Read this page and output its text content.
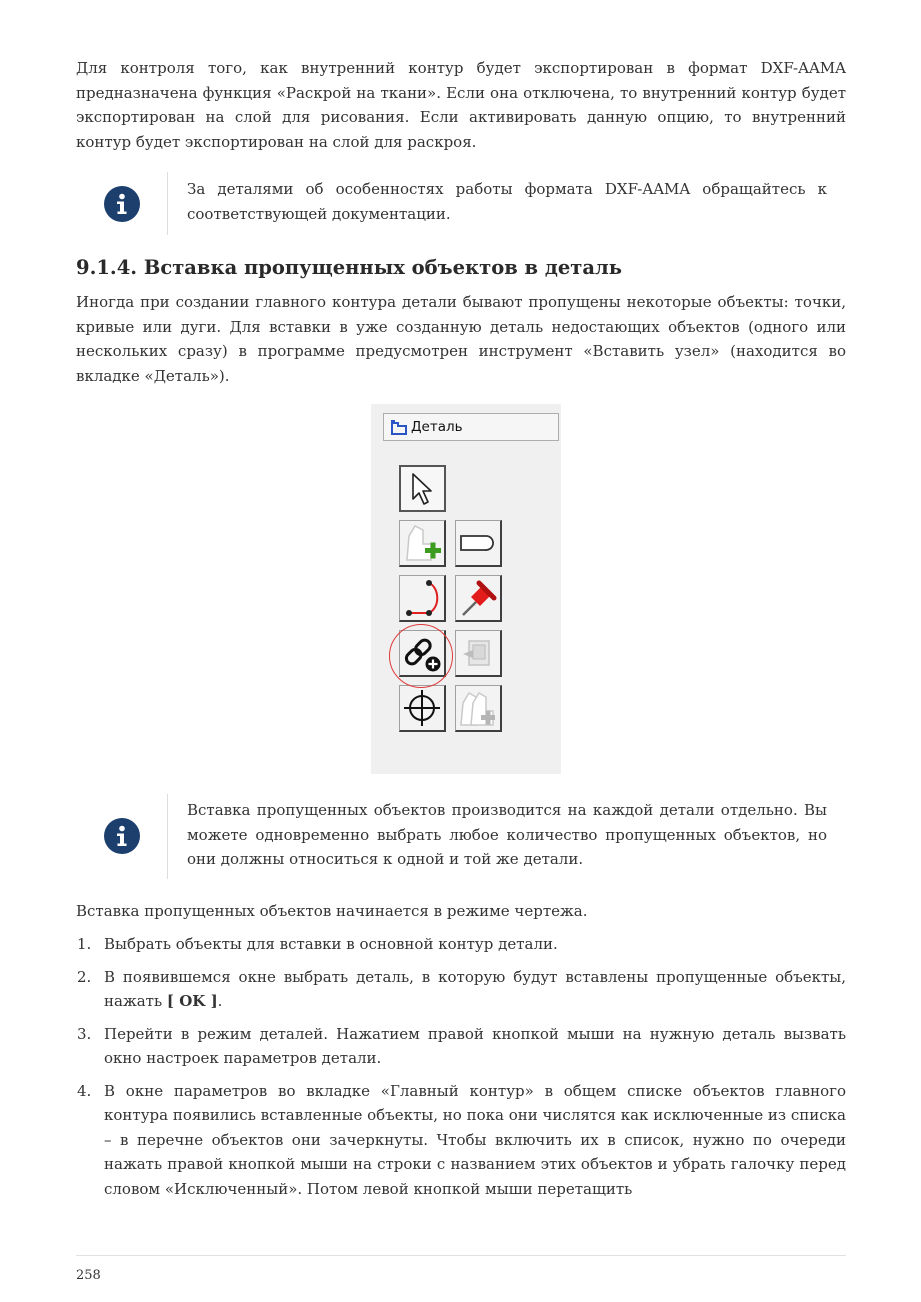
Для контроля того, как внутренний контур будет экспортирован в формат DXF-AAMA предназначена функция «Раскрой на ткани». Если она отключена, то внутренний контур будет экспортирован на слой для рисования. Если активировать данную опцию, то внутренний контур будет экспортирован на слой для раскроя.

За деталями об особенностях работы формата DXF-AAMA обращайтесь к соответствующей документации.
9.1.4. Вставка пропущенных объектов в деталь

Иногда при создании главного контура детали бывают пропущены некоторые объекты: точки, кривые или дуги. Для вставки в уже созданную деталь недостающих объектов (одного или нескольких сразу) в программе предусмотрен инструмент «Вставить узел» (находится во вкладке «Деталь»).

Деталь
Вставка пропущенных объектов производится на каждой детали отдельно. Вы можете одновременно выбрать любое количество пропущенных объектов, но они должны относиться к одной и той же детали.

Вставка пропущенных объектов начинается в режиме чертежа.

1. Выбрать объекты для вставки в основной контур детали.
2. В появившемся окне выбрать деталь, в которую будут вставлены пропущенные объекты, нажать [ OK ].
3. Перейти в режим деталей. Нажатием правой кнопкой мыши на нужную деталь вызвать окно настроек параметров детали.
4. В окне параметров во вкладке «Главный контур» в общем списке объектов главного контура появились вставленные объекты, но пока они числятся как исключенные из списка – в перечне объектов они зачеркнуты. Чтобы включить их в список, нужно по очереди нажать правой кнопкой мыши на строки с названием этих объектов и убрать галочку перед словом «Исключенный». Потом левой кнопкой мыши перетащить
258
